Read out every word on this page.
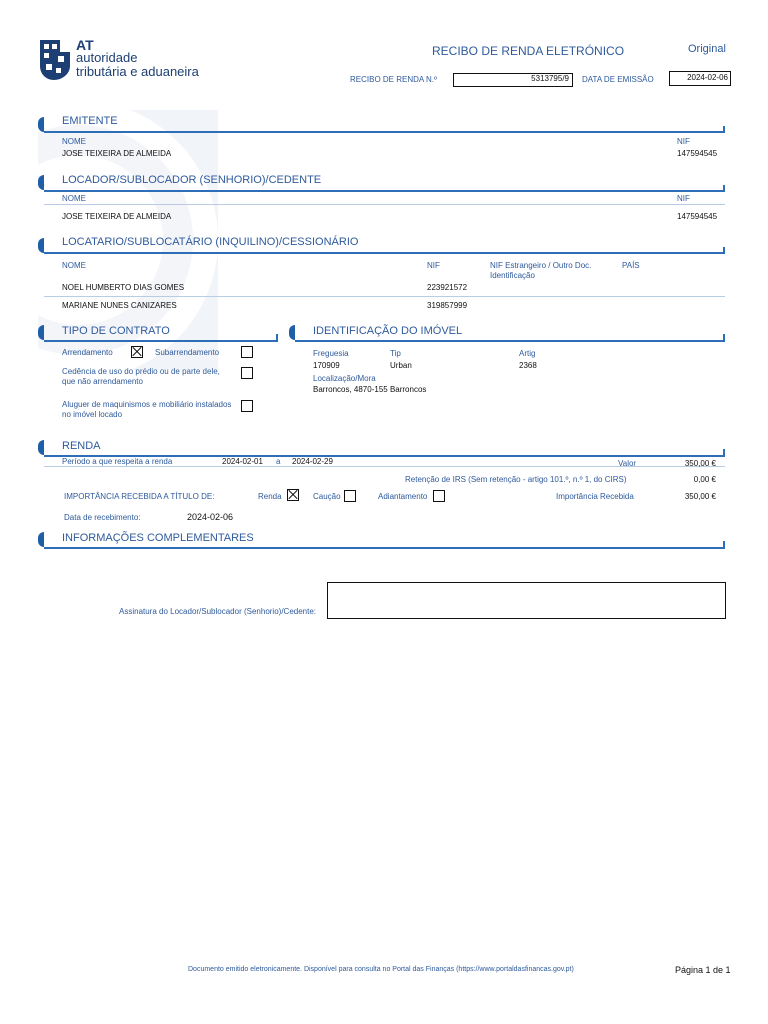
AT
autoridade
tributária e aduaneira
RECIBO DE RENDA ELETRÓNICO	Original
RECIBO DE RENDA N.º	5313795/9	DATA DE EMISSÃO	2024-02-06
EMITENTE
NOME
JOSE TEIXEIRA DE ALMEIDA
NIF
147594545
LOCADOR/SUBLOCADOR (SENHORIO)/CEDENTE
NOME	NIF
JOSE TEIXEIRA DE ALMEIDA	147594545
LOCATARIO/SUBLOCATÁRIO (INQUILINO)/CESSIONÁRIO
NOME	NIF	NIF Estrangeiro / Outro Doc.
Identificação
PAÍS
NOEL HUMBERTO DIAS GOMES	223921572
MARIANE NUNES CANIZARES	319857999
TIPO DE CONTRATO
Arrendamento	Subarrendamento
Cedência de uso do prédio ou de parte dele,
que não arrendamento
Aluguer de maquinismos e mobiliário instalados
no imóvel locado
IDENTIFICAÇÃO DO IMÓVEL
Freguesia
170909
Tip
Urban
Artig
2368
Localização/Mora
Barroncos, 4870-155 Barroncos
RENDA
Período a que respeita a renda	2024-02-01 a 2024-02-29	Valor	350,00 €
Retenção de IRS (Sem retenção - artigo 101.º, n.º 1, do CIRS)	0,00 €
IMPORTÂNCIA RECEBIDA A TÍTULO DE:	Renda	Caução	Adiantamento	Importância Recebida	350,00 €
Data de recebimento:	2024-02-06
INFORMAÇÕES COMPLEMENTARES
Assinatura do Locador/Sublocador (Senhorio)/Cedente:
Documento emitido eletronicamente. Disponível para consulta no Portal das Finanças (https://www.portaldasfinancas.gov.pt)	Página 1 de 1
